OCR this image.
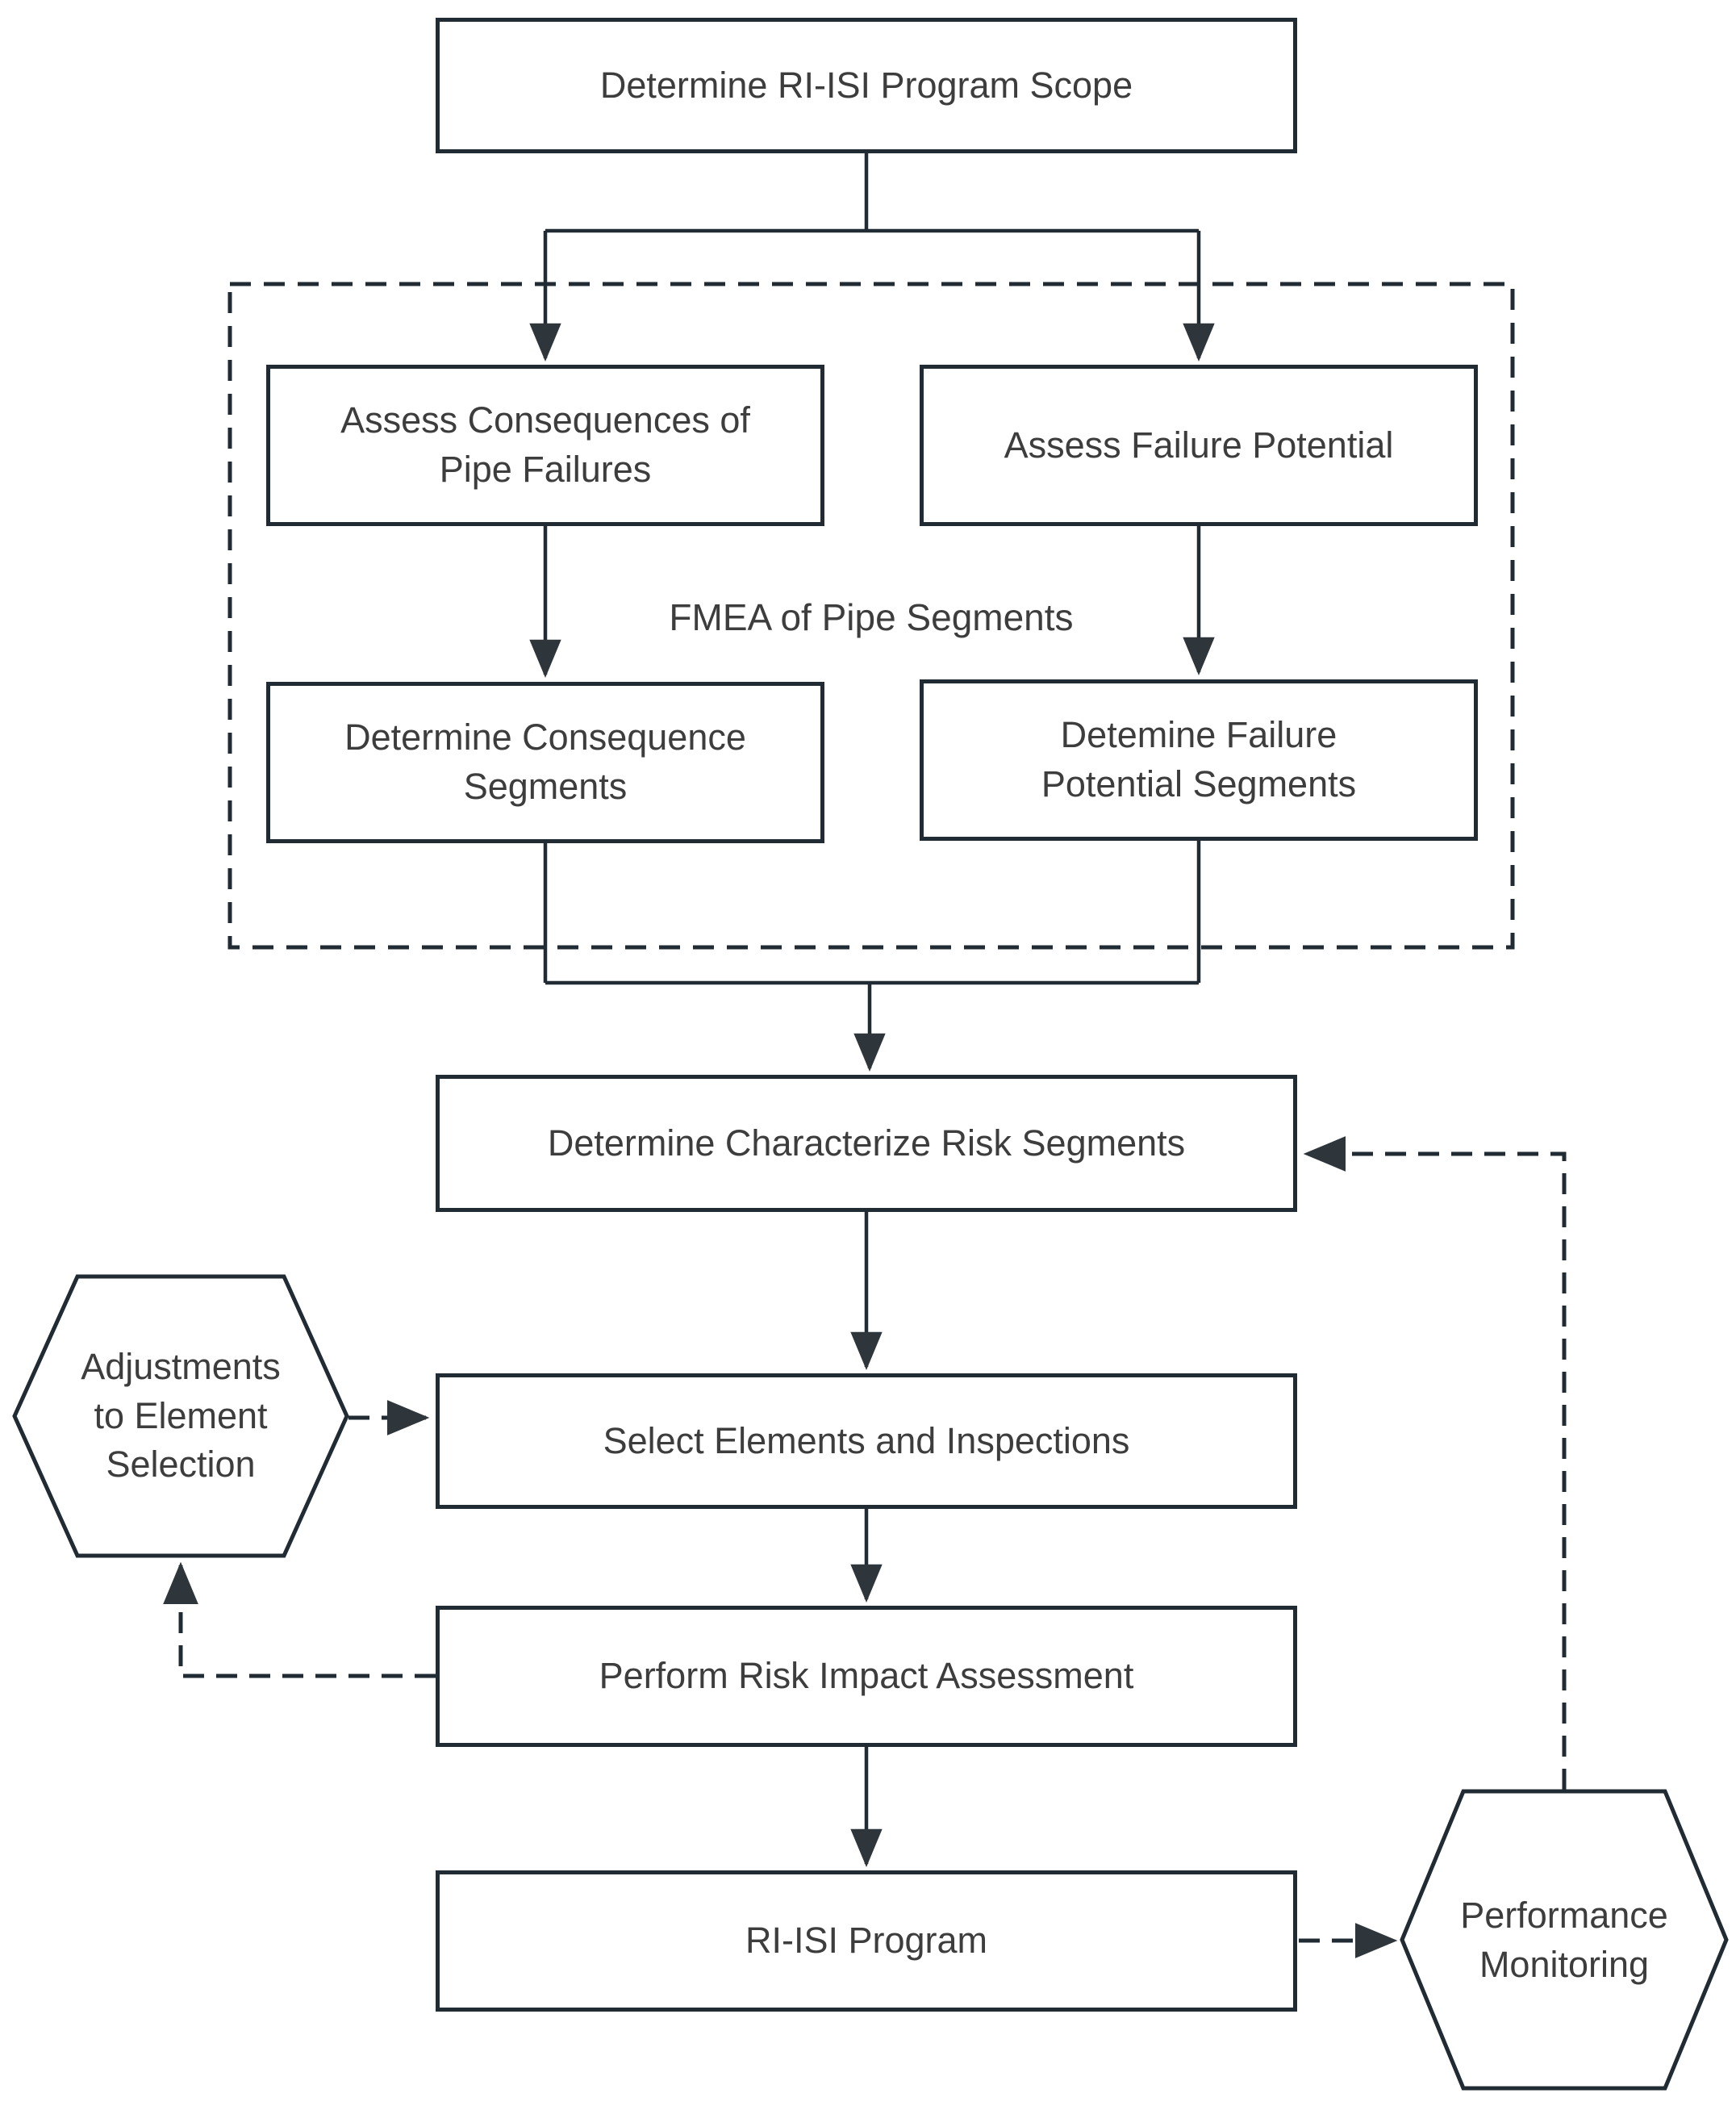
Determine RI-ISI Program Scope
Assess Consequences of Pipe Failures
Assess Failure Potential
Determine Consequence Segments
Detemine Failure Potential Segments
Determine Characterize Risk Segments
Select Elements and Inspections
Perform Risk Impact Assessment
RI-ISI Program
FMEA of Pipe Segments
Adjustments to Element Selection
Performance Monitoring
